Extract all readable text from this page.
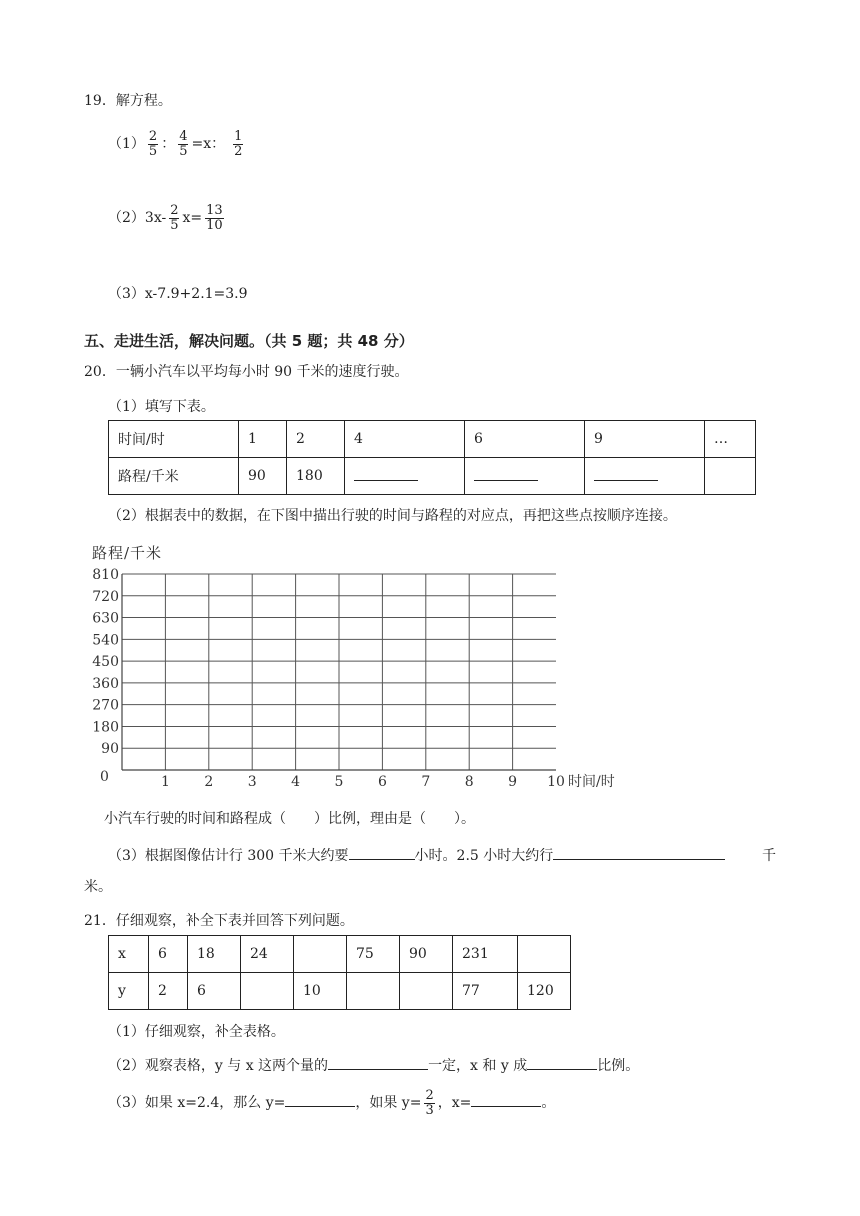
19．解方程。
$(1) \frac{2}{5}$ ： $\frac{4}{5} =x$： $\frac{1}{2}$
$(2)3x- \frac{2}{5} x= \frac{13}{10}$
（3）x-7.9+2.1=3.9
五、走进生活，解决问题。（共 5 题；共 48 分）
20．一辆小汽车以平均每小时 90 千米的速度行驶。
（1）填写下表。
时间/时	1	2	4	6	9	…
路程/千米	90	180				
（2）根据表中的数据，在下图中描出行驶的时间与路程的对应点，再把这些点按顺序连接。
0
90
180
270
360
450
540
630
720
810
1 2 3 4 5 6 7 8 9 10
路程/千米
时间/时
小汽车行驶的时间和路程成（　　）比例，理由是（　　）。
（3）根据图像估计行 300 千米大约要	小时。2.5 小时大约行	千
米。
21．仔细观察，补全下表并回答下列问题。
x	6	18	24		75	90	231	
y	2	6		10			77	120
（1）仔细观察，补全表格。
（2）观察表格，y 与 x 这两个量的	一定，x 和 y 成	比例。
（3）如果 x=2.4，那么 y=	，如果 $y= \frac{2}{3}$ ，x=	。
